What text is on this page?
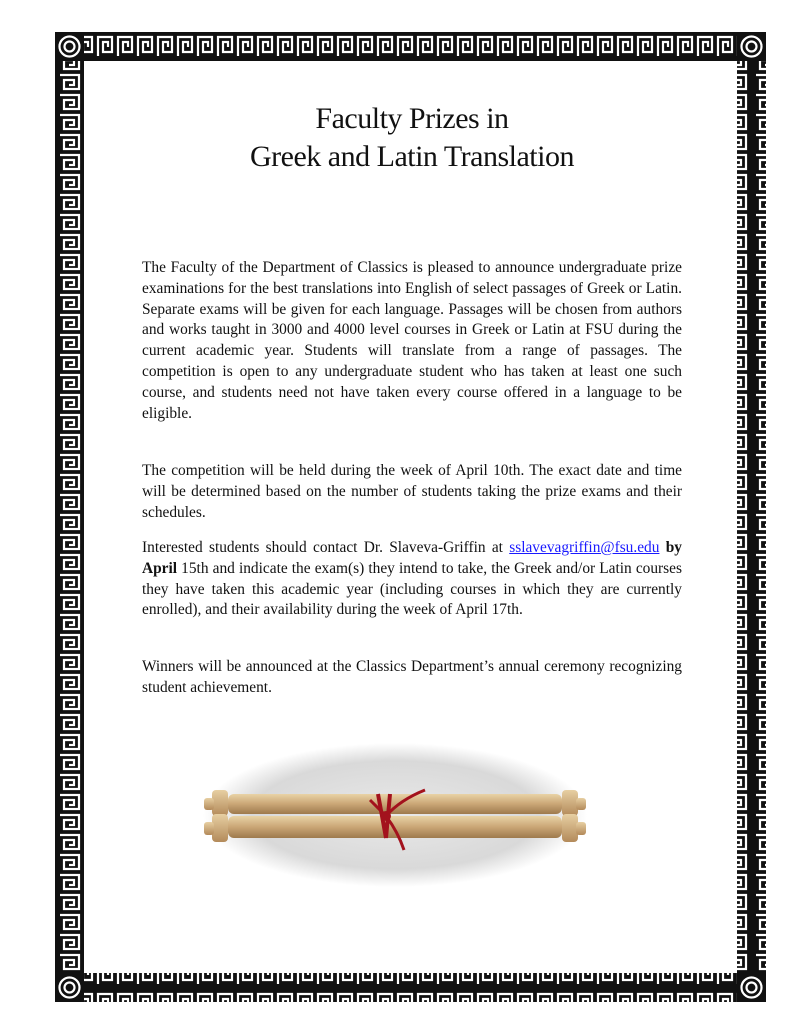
Faculty Prizes in
Greek and Latin Translation

The Faculty of the Department of Classics is pleased to announce undergraduate prize examinations for the best translations into English of select passages of Greek or Latin. Separate exams will be given for each language. Passages will be chosen from authors and works taught in 3000 and 4000 level courses in Greek or Latin at FSU during the current academic year. Students will translate from a range of passages. The competition is open to any undergraduate student who has taken at least one such course, and students need not have taken every course offered in a language to be eligible.

The competition will be held during the week of April 10th. The exact date and time will be determined based on the number of students taking the prize exams and their schedules.

Interested students should contact Dr. Slaveva-Griffin at sslavevagriffin@fsu.edu by April 15th and indicate the exam(s) they intend to take, the Greek and/or Latin courses they have taken this academic year (including courses in which they are currently enrolled), and their availability during the week of April 17th.

Winners will be announced at the Classics Department’s annual ceremony recognizing student achievement.
